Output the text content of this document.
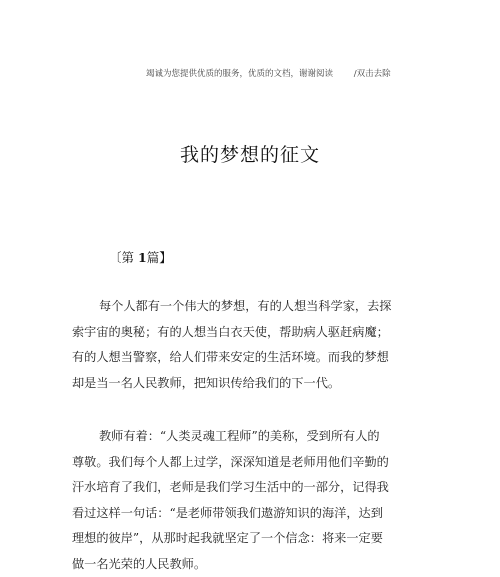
竭诚为您提供优质的服务，优质的文档，谢谢阅读 /双击去除
我的梦想的征文
〔第 1篇】
每个人都有一个伟大的梦想，有的人想当科学家，去探
索宇宙的奥秘；有的人想当白衣天使，帮助病人驱赶病魔；
有的人想当警察，给人们带来安定的生活环境。而我的梦想
却是当一名人民教师，把知识传给我们的下一代。
教师有着：“人类灵魂工程师”的美称，受到所有人的
尊敬。我们每个人都上过学，深深知道是老师用他们辛勤的
汗水培育了我们，老师是我们学习生活中的一部分，记得我
看过这样一句话：“是老师带领我们遨游知识的海洋，达到
理想的彼岸”，从那时起我就坚定了一个信念：将来一定要
做一名光荣的人民教师。
